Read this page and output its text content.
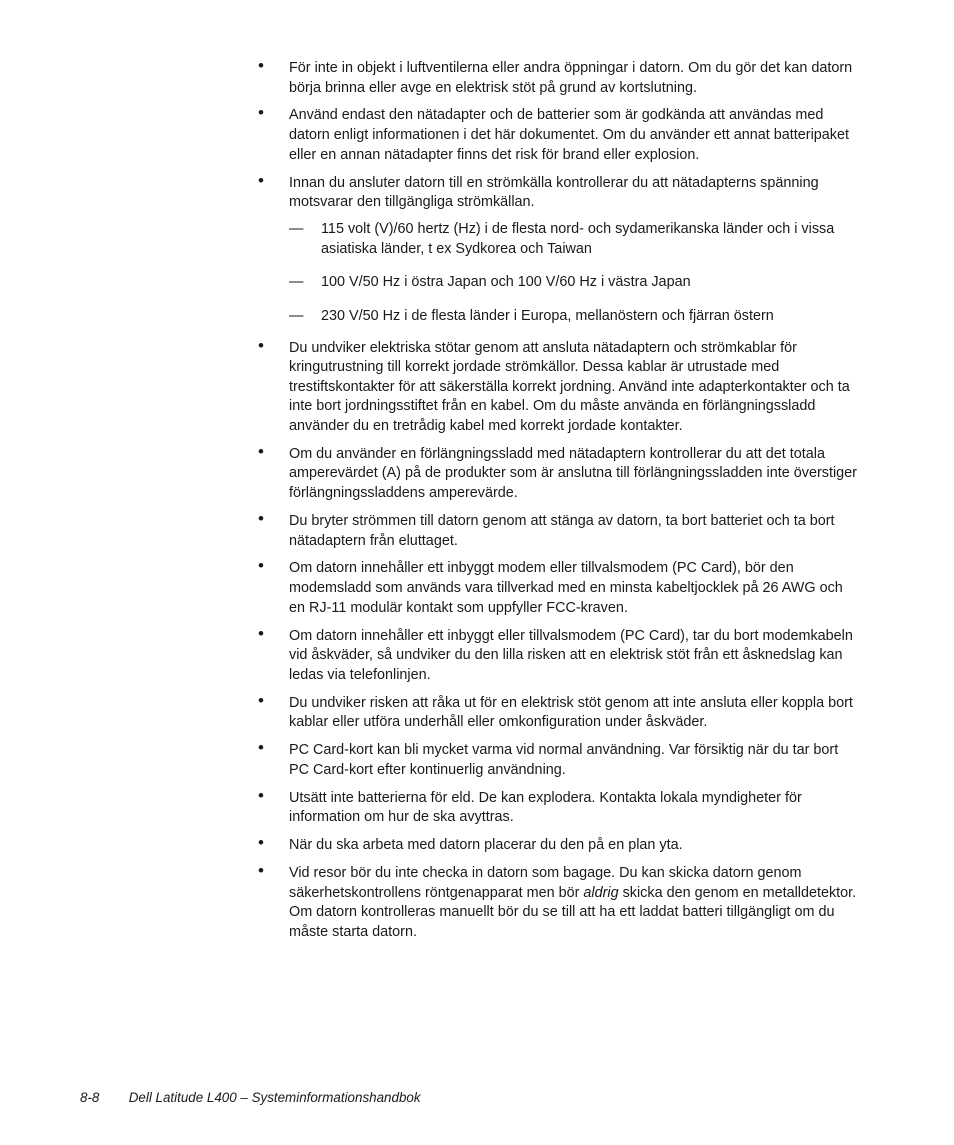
• För inte in objekt i luftventilerna eller andra öppningar i datorn. Om du gör det kan datorn börja brinna eller avge en elektrisk stöt på grund av kortslutning.
• Använd endast den nätadapter och de batterier som är godkända att användas med datorn enligt informationen i det här dokumentet. Om du använder ett annat batteripaket eller en annan nätadapter finns det risk för brand eller explosion.
• Innan du ansluter datorn till en strömkälla kontrollerar du att nätadapterns spänning motsvarar den tillgängliga strömkällan.
— 115 volt (V)/60 hertz (Hz) i de flesta nord- och sydamerikanska länder och i vissa asiatiska länder, t ex Sydkorea och Taiwan
— 100 V/50 Hz i östra Japan och 100 V/60 Hz i västra Japan
— 230 V/50 Hz i de flesta länder i Europa, mellanöstern och fjärran östern
• Du undviker elektriska stötar genom att ansluta nätadaptern och strömkablar för kringutrustning till korrekt jordade strömkällor. Dessa kablar är utrustade med trestiftskontakter för att säkerställa korrekt jordning. Använd inte adapterkontakter och ta inte bort jordningsstiftet från en kabel. Om du måste använda en förlängningssladd använder du en tretrådig kabel med korrekt jordade kontakter.
• Om du använder en förlängningssladd med nätadaptern kontrollerar du att det totala amperevärdet (A) på de produkter som är anslutna till förlängningssladden inte överstiger förlängningssladdens amperevärde.
• Du bryter strömmen till datorn genom att stänga av datorn, ta bort batteriet och ta bort nätadaptern från eluttaget.
• Om datorn innehåller ett inbyggt modem eller tillvalsmodem (PC Card), bör den modemsladd som används vara tillverkad med en minsta kabeltjocklek på 26 AWG och en RJ-11 modulär kontakt som uppfyller FCC-kraven.
• Om datorn innehåller ett inbyggt eller tillvalsmodem (PC Card), tar du bort modemkabeln vid åskväder, så undviker du den lilla risken att en elektrisk stöt från ett åsknedslag kan ledas via telefonlinjen.
• Du undviker risken att råka ut för en elektrisk stöt genom att inte ansluta eller koppla bort kablar eller utföra underhåll eller omkonfiguration under åskväder.
• PC Card-kort kan bli mycket varma vid normal användning. Var försiktig när du tar bort PC Card-kort efter kontinuerlig användning.
• Utsätt inte batterierna för eld. De kan explodera. Kontakta lokala myndigheter för information om hur de ska avyttras.
• När du ska arbeta med datorn placerar du den på en plan yta.
• Vid resor bör du inte checka in datorn som bagage. Du kan skicka datorn genom säkerhetskontrollens röntgenapparat men bör aldrig skicka den genom en metalldetektor. Om datorn kontrolleras manuellt bör du se till att ha ett laddat batteri tillgängligt om du måste starta datorn.
8-8 Dell Latitude L400 – Systeminformationshandbok
